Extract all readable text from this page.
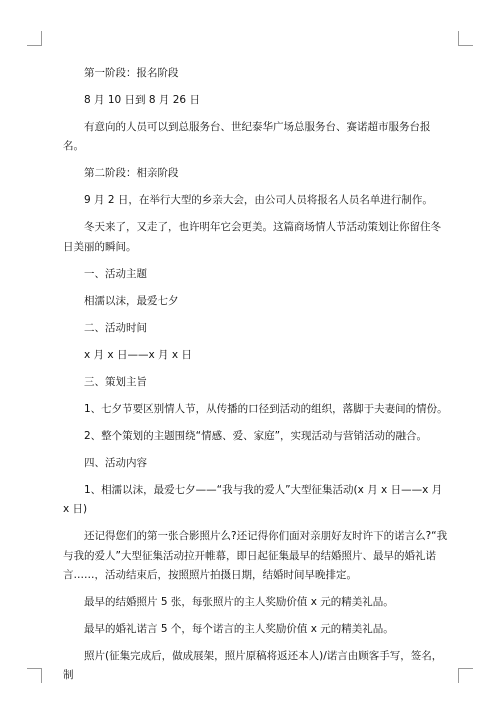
第一阶段：报名阶段

8 月 10 日到 8 月 26 日

有意向的人员可以到总服务台、世纪泰华广场总服务台、赛诺超市服务台报名。

第二阶段：相亲阶段

9 月 2 日，在举行大型的乡亲大会，由公司人员将报名人员名单进行制作。

冬天来了，又走了，也许明年它会更美。这篇商场情人节活动策划让你留住冬日美丽的瞬间。

一、活动主题

相濡以沫，最爱七夕

二、活动时间

x 月 x 日——x 月 x 日

三、策划主旨

1、七夕节要区别情人节，从传播的口径到活动的组织，落脚于夫妻间的情份。

2、整个策划的主题围绕“情感、爱、家庭”，实现活动与营销活动的融合。

四、活动内容

1、相濡以沫，最爱七夕——“我与我的爱人”大型征集活动(x 月 x 日——x 月 x 日)

还记得您们的第一张合影照片么?还记得你们面对亲朋好友时许下的诺言么?“我与我的爱人”大型征集活动拉开帷幕，即日起征集最早的结婚照片、最早的婚礼诺言……，活动结束后，按照照片拍摄日期，结婚时间早晚排定。

最早的结婚照片 5 张，每张照片的主人奖励价值 x 元的精美礼品。

最早的婚礼诺言 5 个，每个诺言的主人奖励价值 x 元的精美礼品。

照片(征集完成后，做成展架，照片原稿将返还本人)/诺言由顾客手写，签名，制
